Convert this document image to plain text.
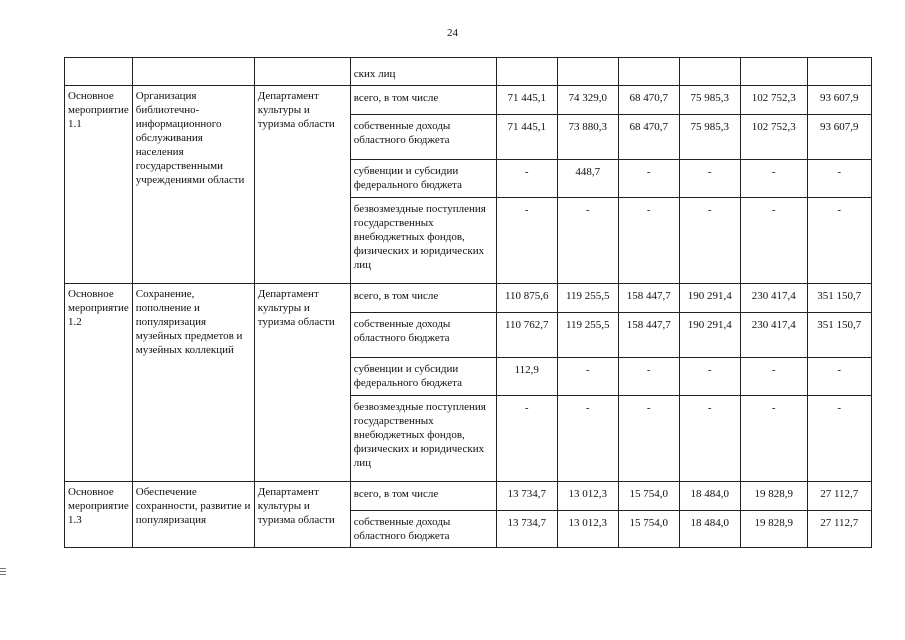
24
			ских лиц						
Основное мероприятие 1.1	Организация библиотечно-информационного обслуживания населения государственными учреждениями области	Департамент культуры и туризма области	всего, в том числе	71 445,1	74 329,0	68 470,7	75 985,3	102 752,3	93 607,9
			собственные доходы областного бюджета	71 445,1	73 880,3	68 470,7	75 985,3	102 752,3	93 607,9
			субвенции и субсидии федерального бюджета	-	448,7	-	-	-	-
			безвозмездные поступления государственных внебюджетных фондов, физических и юридических лиц	-	-	-	-	-	-
Основное мероприятие 1.2	Сохранение, пополнение и популяризация музейных предметов и музейных коллекций	Департамент культуры и туризма области	всего, в том числе	110 875,6	119 255,5	158 447,7	190 291,4	230 417,4	351 150,7
			собственные доходы областного бюджета	110 762,7	119 255,5	158 447,7	190 291,4	230 417,4	351 150,7
			субвенции и субсидии федерального бюджета	112,9	-	-	-	-	-
			безвозмездные поступления государственных внебюджетных фондов, физических и юридических лиц	-	-	-	-	-	-
Основное мероприятие 1.3	Обеспечение сохранности, развитие и популяризация	Департамент культуры и туризма области	всего, в том числе	13 734,7	13 012,3	15 754,0	18 484,0	19 828,9	27 112,7
			собственные доходы областного бюджета	13 734,7	13 012,3	15 754,0	18 484,0	19 828,9	27 112,7
